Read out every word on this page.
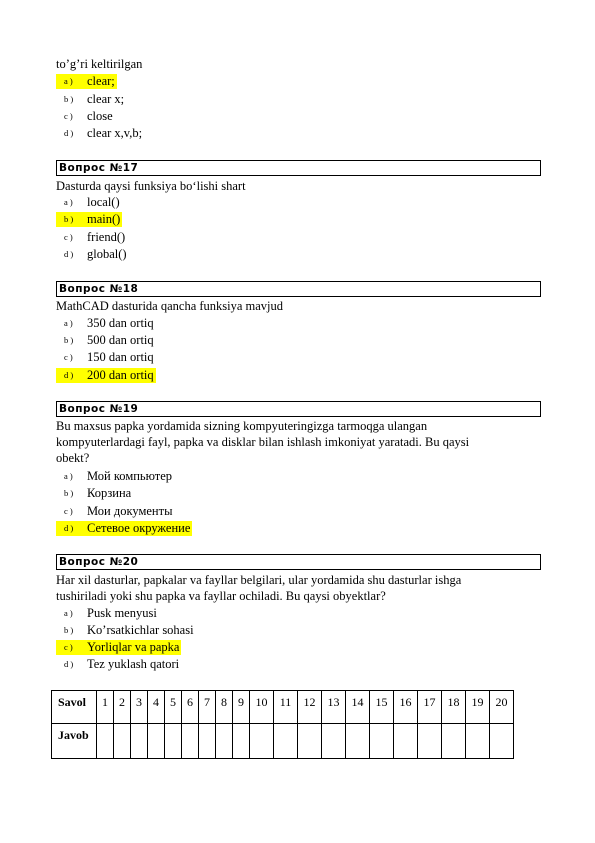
to’g’ri keltirilgan
a ) clear;
b ) clear x;
c ) close
d ) clear x,v,b;
Вопрос №17
Dasturda qaysi funksiya bo‘lishi shart
a ) local()
b ) main()
c ) friend()
d ) global()
Вопрос №18
MathCAD dasturida qancha funksiya mavjud
a ) 350 dan ortiq
b ) 500 dan ortiq
c ) 150 dan ortiq
d ) 200 dan ortiq
Вопрос №19
Bu maxsus papka yordamida sizning kompyuteringizga tarmoqga ulangan
kompyuterlardagi fayl, papka va disklar bilan ishlash imkoniyat yaratadi. Bu qaysi
obekt?
a ) Мой компьютер
b ) Корзина
c ) Мои документы
d ) Сетевое окружение
Вопрос №20
Har xil dasturlar, papkalar va fayllar belgilari, ular yordamida shu dasturlar ishga
tushiriladi yoki shu papka va fayllar ochiladi. Bu qaysi obyektlar?
a ) Pusk menyusi
b ) Ko’rsatkichlar sohasi
c ) Yorliqlar va papka
d ) Tez yuklash qatori
Savol	1	2	3	4	5	6	7	8	9	10	11	12	13	14	15	16	17	18	19	20
Javob																				
